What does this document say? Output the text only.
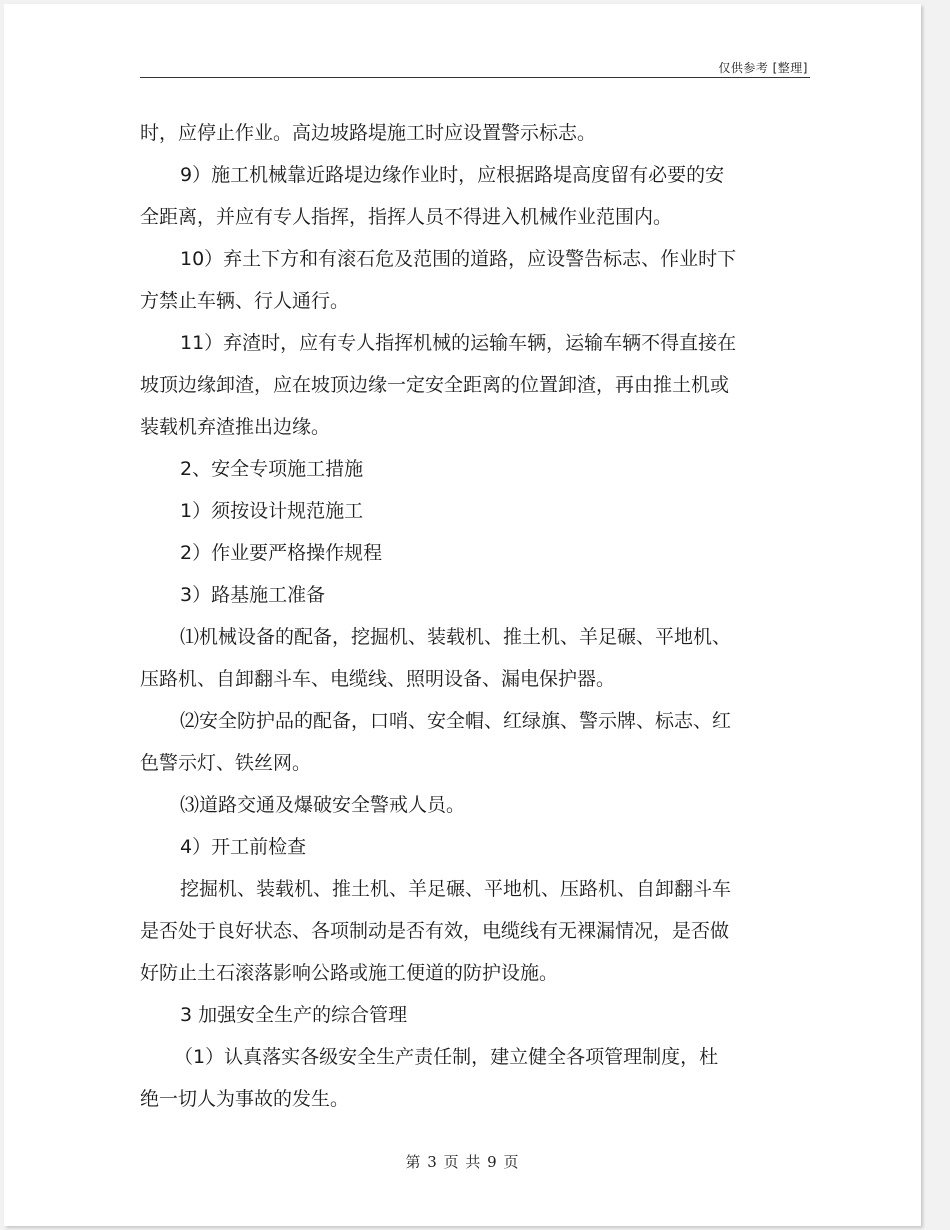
仅供参考 [整理]
时，应停止作业。高边坡路堤施工时应设置警示标志。
9）施工机械靠近路堤边缘作业时，应根据路堤高度留有必要的安
全距离，并应有专人指挥，指挥人员不得进入机械作业范围内。
10）弃土下方和有滚石危及范围的道路，应设警告标志、作业时下
方禁止车辆、行人通行。
11）弃渣时，应有专人指挥机械的运输车辆，运输车辆不得直接在
坡顶边缘卸渣，应在坡顶边缘一定安全距离的位置卸渣，再由推土机或
装载机弃渣推出边缘。
2、安全专项施工措施
1）须按设计规范施工
2）作业要严格操作规程
3）路基施工准备
⑴机械设备的配备，挖掘机、装载机、推土机、羊足碾、平地机、
压路机、自卸翻斗车、电缆线、照明设备、漏电保护器。
⑵安全防护品的配备，口哨、安全帽、红绿旗、警示牌、标志、红
色警示灯、铁丝网。
⑶道路交通及爆破安全警戒人员。
4）开工前检查
挖掘机、装载机、推土机、羊足碾、平地机、压路机、自卸翻斗车
是否处于良好状态、各项制动是否有效，电缆线有无裸漏情况，是否做
好防止土石滚落影响公路或施工便道的防护设施。
3 加强安全生产的综合管理
（1）认真落实各级安全生产责任制，建立健全各项管理制度，杜
绝一切人为事故的发生。
第 3 页 共 9 页
